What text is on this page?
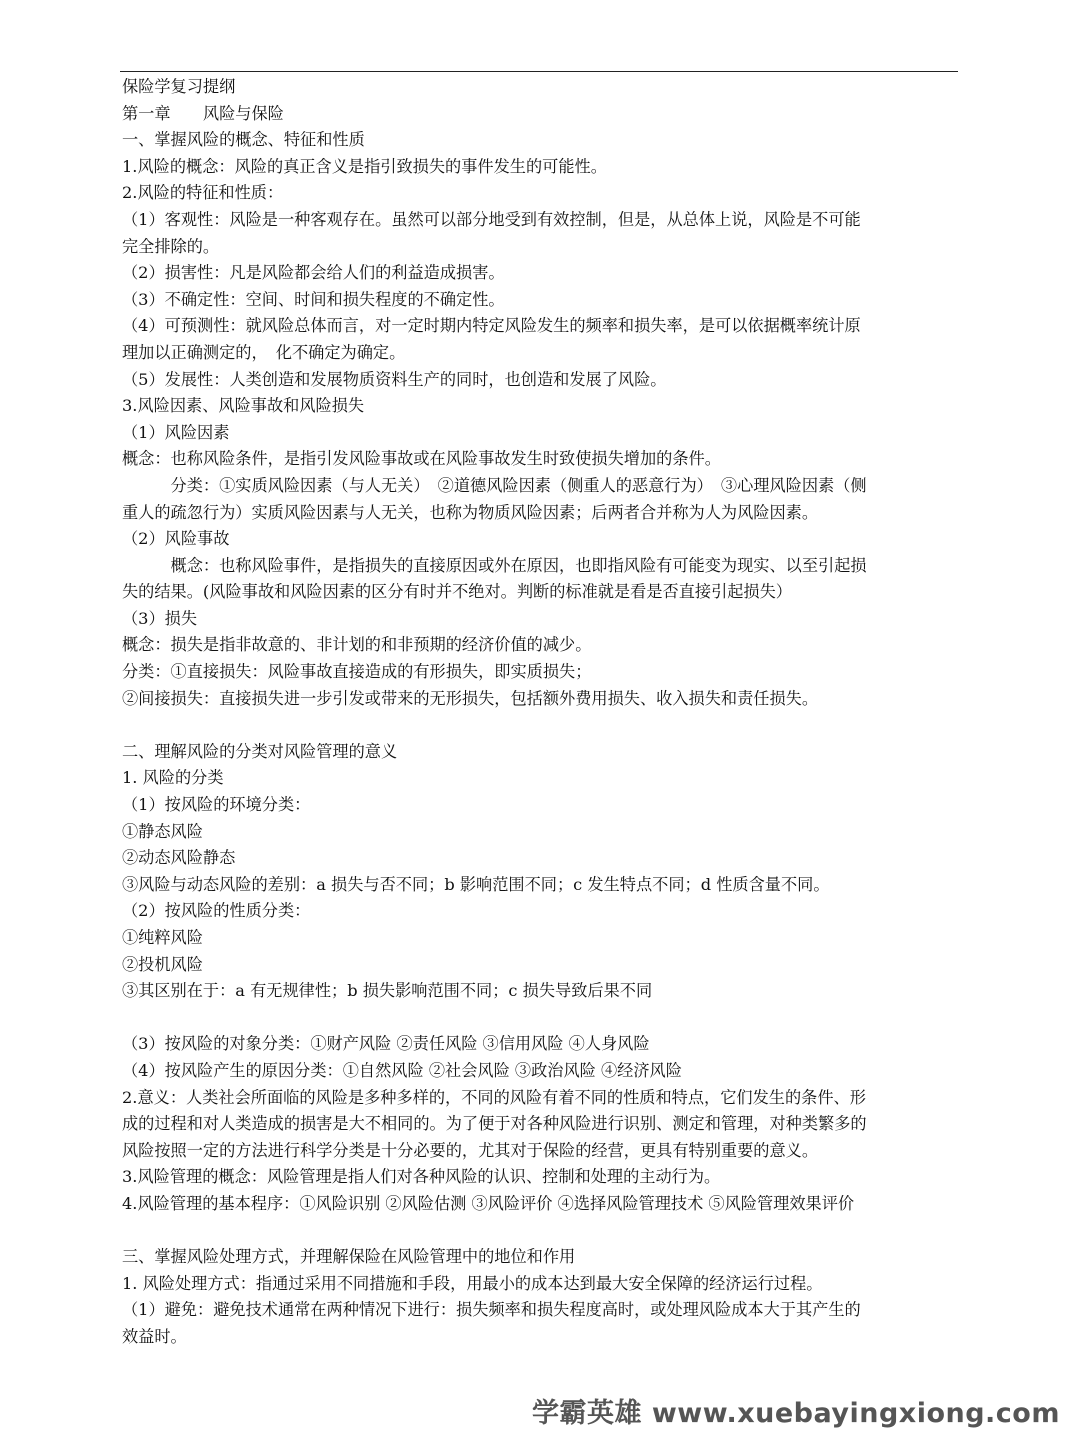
保险学复习提纲
第一章　　风险与保险
一、掌握风险的概念、特征和性质
1.风险的概念：风险的真正含义是指引致损失的事件发生的可能性。
2.风险的特征和性质：
（1）客观性：风险是一种客观存在。虽然可以部分地受到有效控制，但是，从总体上说，风险是不可能
完全排除的。
（2）损害性：凡是风险都会给人们的利益造成损害。
（3）不确定性：空间、时间和损失程度的不确定性。
（4）可预测性：就风险总体而言，对一定时期内特定风险发生的频率和损失率，是可以依据概率统计原
理加以正确测定的，　化不确定为确定。
（5）发展性：人类创造和发展物质资料生产的同时，也创造和发展了风险。
3.风险因素、风险事故和风险损失
（1）风险因素
概念：也称风险条件，是指引发风险事故或在风险事故发生时致使损失增加的条件。
　　　分类：①实质风险因素（与人无关）　②道德风险因素（侧重人的恶意行为）　③心理风险因素（侧
重人的疏忽行为）实质风险因素与人无关，也称为物质风险因素；后两者合并称为人为风险因素。
（2）风险事故
　　　概念：也称风险事件，是指损失的直接原因或外在原因，也即指风险有可能变为现实、以至引起损
失的结果。(风险事故和风险因素的区分有时并不绝对。判断的标准就是看是否直接引起损失）
（3）损失
概念：损失是指非故意的、非计划的和非预期的经济价值的减少。
分类：①直接损失：风险事故直接造成的有形损失，即实质损失；
②间接损失：直接损失进一步引发或带来的无形损失，包括额外费用损失、收入损失和责任损失。
二、理解风险的分类对风险管理的意义
1. 风险的分类
（1）按风险的环境分类：
①静态风险
②动态风险静态
③风险与动态风险的差别：a 损失与否不同；b 影响范围不同；c 发生特点不同；d 性质含量不同。
（2）按风险的性质分类：
①纯粹风险
②投机风险
③其区别在于：a 有无规律性；b 损失影响范围不同；c 损失导致后果不同
（3）按风险的对象分类：①财产风险 ②责任风险 ③信用风险 ④人身风险
（4）按风险产生的原因分类：①自然风险 ②社会风险 ③政治风险 ④经济风险
2.意义：人类社会所面临的风险是多种多样的，不同的风险有着不同的性质和特点，它们发生的条件、形
成的过程和对人类造成的损害是大不相同的。为了便于对各种风险进行识别、测定和管理，对种类繁多的
风险按照一定的方法进行科学分类是十分必要的，尤其对于保险的经营，更具有特别重要的意义。
3.风险管理的概念：风险管理是指人们对各种风险的认识、控制和处理的主动行为。
4.风险管理的基本程序：①风险识别 ②风险估测 ③风险评价 ④选择风险管理技术 ⑤风险管理效果评价
三、掌握风险处理方式，并理解保险在风险管理中的地位和作用
1. 风险处理方式：指通过采用不同措施和手段，用最小的成本达到最大安全保障的经济运行过程。
（1）避免：避免技术通常在两种情况下进行：损失频率和损失程度高时，或处理风险成本大于其产生的
效益时。
学霸英雄 www.xuebayingxiong.com
